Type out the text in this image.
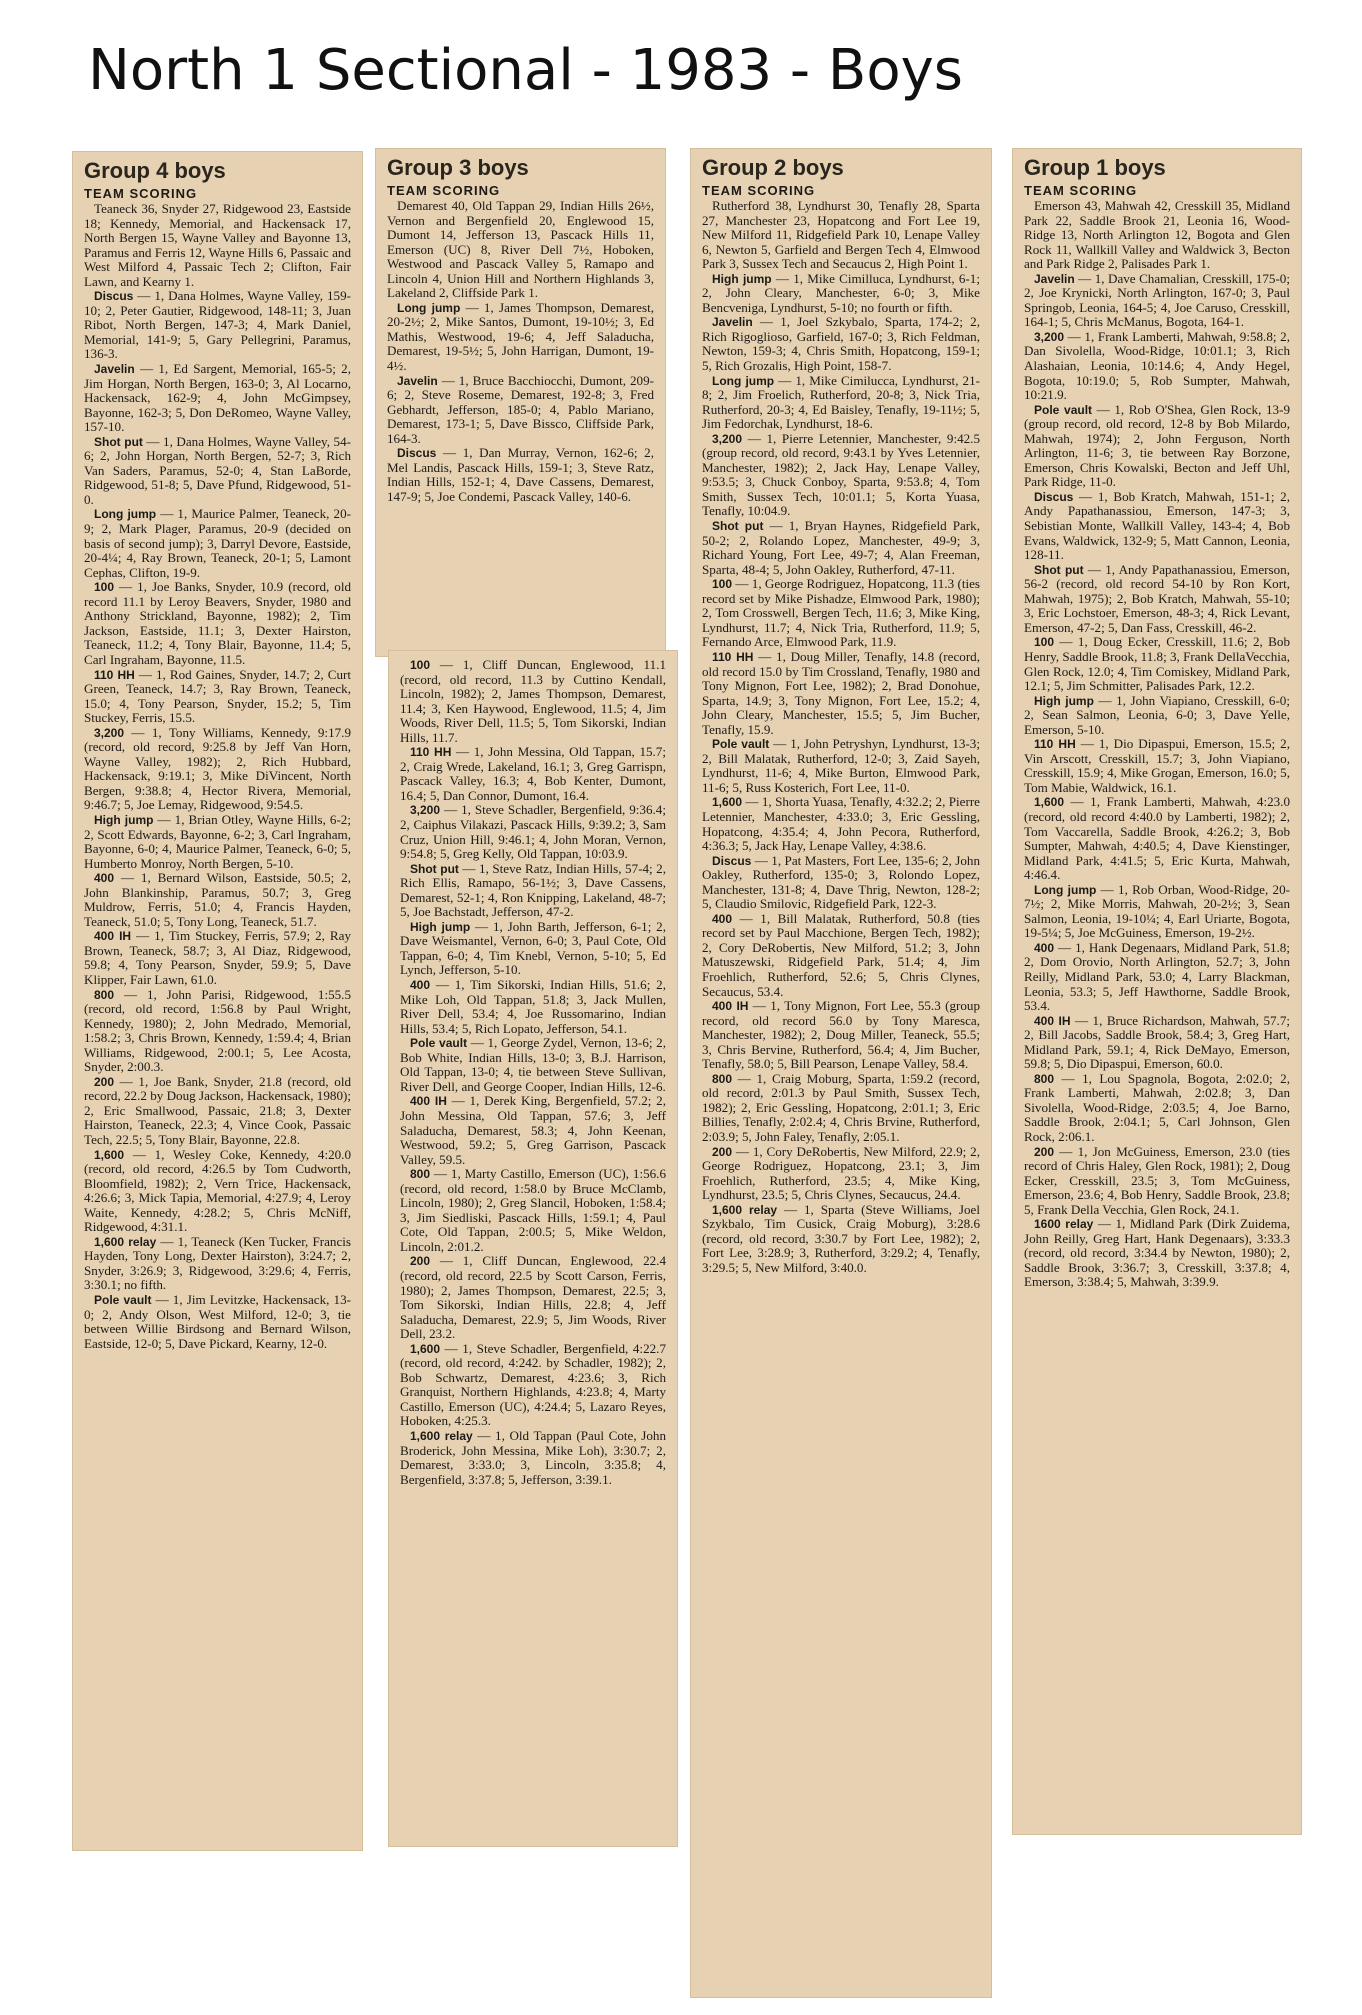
North 1 Sectional - 1983 - Boys
Group 4 boys
TEAM SCORING

Teaneck 36, Snyder 27, Ridgewood 23, Eastside 18; Kennedy, Memorial, and Hackensack 17, North Bergen 15, Wayne Valley and Bayonne 13, Paramus and Ferris 12, Wayne Hills 6, Passaic and West Milford 4, Passaic Tech 2; Clifton, Fair Lawn, and Kearny 1.

Discus — 1, Dana Holmes, Wayne Valley, 159-10; 2, Peter Gautier, Ridgewood, 148-11; 3, Juan Ribot, North Bergen, 147-3; 4, Mark Daniel, Memorial, 141-9; 5, Gary Pellegrini, Paramus, 136-3.

Javelin — 1, Ed Sargent, Memorial, 165-5; 2, Jim Horgan, North Bergen, 163-0; 3, Al Locarno, Hackensack, 162-9; 4, John McGimpsey, Bayonne, 162-3; 5, Don DeRomeo, Wayne Valley, 157-10.

Shot put — 1, Dana Holmes, Wayne Valley, 54-6; 2, John Horgan, North Bergen, 52-7; 3, Rich Van Saders, Paramus, 52-0; 4, Stan LaBorde, Ridgewood, 51-8; 5, Dave Pfund, Ridgewood, 51-0.

Long jump — 1, Maurice Palmer, Teaneck, 20-9; 2, Mark Plager, Paramus, 20-9 (decided on basis of second jump); 3, Darryl Devore, Eastside, 20-4¼; 4, Ray Brown, Teaneck, 20-1; 5, Lamont Cephas, Clifton, 19-9.

100 — 1, Joe Banks, Snyder, 10.9 (record, old record 11.1 by Leroy Beavers, Snyder, 1980 and Anthony Strickland, Bayonne, 1982); 2, Tim Jackson, Eastside, 11.1; 3, Dexter Hairston, Teaneck, 11.2; 4, Tony Blair, Bayonne, 11.4; 5, Carl Ingraham, Bayonne, 11.5.

110 HH — 1, Rod Gaines, Snyder, 14.7; 2, Curt Green, Teaneck, 14.7; 3, Ray Brown, Teaneck, 15.0; 4, Tony Pearson, Snyder, 15.2; 5, Tim Stuckey, Ferris, 15.5.

3,200 — 1, Tony Williams, Kennedy, 9:17.9 (record, old record, 9:25.8 by Jeff Van Horn, Wayne Valley, 1982); 2, Rich Hubbard, Hackensack, 9:19.1; 3, Mike DiVincent, North Bergen, 9:38.8; 4, Hector Rivera, Memorial, 9:46.7; 5, Joe Lemay, Ridgewood, 9:54.5.

High jump — 1, Brian Otley, Wayne Hills, 6-2; 2, Scott Edwards, Bayonne, 6-2; 3, Carl Ingraham, Bayonne, 6-0; 4, Maurice Palmer, Teaneck, 6-0; 5, Humberto Monroy, North Bergen, 5-10.

400 — 1, Bernard Wilson, Eastside, 50.5; 2, John Blankinship, Paramus, 50.7; 3, Greg Muldrow, Ferris, 51.0; 4, Francis Hayden, Teaneck, 51.0; 5, Tony Long, Teaneck, 51.7.

400 IH — 1, Tim Stuckey, Ferris, 57.9; 2, Ray Brown, Teaneck, 58.7; 3, Al Diaz, Ridgewood, 59.8; 4, Tony Pearson, Snyder, 59.9; 5, Dave Klipper, Fair Lawn, 61.0.

800 — 1, John Parisi, Ridgewood, 1:55.5 (record, old record, 1:56.8 by Paul Wright, Kennedy, 1980); 2, John Medrado, Memorial, 1:58.2; 3, Chris Brown, Kennedy, 1:59.4; 4, Brian Williams, Ridgewood, 2:00.1; 5, Lee Acosta, Snyder, 2:00.3.

200 — 1, Joe Bank, Snyder, 21.8 (record, old record, 22.2 by Doug Jackson, Hackensack, 1980); 2, Eric Smallwood, Passaic, 21.8; 3, Dexter Hairston, Teaneck, 22.3; 4, Vince Cook, Passaic Tech, 22.5; 5, Tony Blair, Bayonne, 22.8.

1,600 — 1, Wesley Coke, Kennedy, 4:20.0 (record, old record, 4:26.5 by Tom Cudworth, Bloomfield, 1982); 2, Vern Trice, Hackensack, 4:26.6; 3, Mick Tapia, Memorial, 4:27.9; 4, Leroy Waite, Kennedy, 4:28.2; 5, Chris McNiff, Ridgewood, 4:31.1.

1,600 relay — 1, Teaneck (Ken Tucker, Francis Hayden, Tony Long, Dexter Hairston), 3:24.7; 2, Snyder, 3:26.9; 3, Ridgewood, 3:29.6; 4, Ferris, 3:30.1; no fifth.

Pole vault — 1, Jim Levitzke, Hackensack, 13-0; 2, Andy Olson, West Milford, 12-0; 3, tie between Willie Birdsong and Bernard Wilson, Eastside, 12-0; 5, Dave Pickard, Kearny, 12-0.

Group 3 boys
TEAM SCORING

Demarest 40, Old Tappan 29, Indian Hills 26½, Vernon and Bergenfield 20, Englewood 15, Dumont 14, Jefferson 13, Pascack Hills 11, Emerson (UC) 8, River Dell 7½, Hoboken, Westwood and Pascack Valley 5, Ramapo and Lincoln 4, Union Hill and Northern Highlands 3, Lakeland 2, Cliffside Park 1.

Long jump — 1, James Thompson, Demarest, 20-2½; 2, Mike Santos, Dumont, 19-10½; 3, Ed Mathis, Westwood, 19-6; 4, Jeff Saladucha, Demarest, 19-5½; 5, John Harrigan, Dumont, 19-4½.

Javelin — 1, Bruce Bacchiocchi, Dumont, 209-6; 2, Steve Roseme, Demarest, 192-8; 3, Fred Gebhardt, Jefferson, 185-0; 4, Pablo Mariano, Demarest, 173-1; 5, Dave Bissco, Cliffside Park, 164-3.

Discus — 1, Dan Murray, Vernon, 162-6; 2, Mel Landis, Pascack Hills, 159-1; 3, Steve Ratz, Indian Hills, 152-1; 4, Dave Cassens, Demarest, 147-9; 5, Joe Condemi, Pascack Valley, 140-6.

100 — 1, Cliff Duncan, Englewood, 11.1 (record, old record, 11.3 by Cuttino Kendall, Lincoln, 1982); 2, James Thompson, Demarest, 11.4; 3, Ken Haywood, Englewood, 11.5; 4, Jim Woods, River Dell, 11.5; 5, Tom Sikorski, Indian Hills, 11.7.

110 HH — 1, John Messina, Old Tappan, 15.7; 2, Craig Wrede, Lakeland, 16.1; 3, Greg Garrispn, Pascack Valley, 16.3; 4, Bob Kenter, Dumont, 16.4; 5, Dan Connor, Dumont, 16.4.

3,200 — 1, Steve Schadler, Bergenfield, 9:36.4; 2, Caiphus Vilakazi, Pascack Hills, 9:39.2; 3, Sam Cruz, Union Hill, 9:46.1; 4, John Moran, Vernon, 9:54.8; 5, Greg Kelly, Old Tappan, 10:03.9.

Shot put — 1, Steve Ratz, Indian Hills, 57-4; 2, Rich Ellis, Ramapo, 56-1½; 3, Dave Cassens, Demarest, 52-1; 4, Ron Knipping, Lakeland, 48-7; 5, Joe Bachstadt, Jefferson, 47-2.

High jump — 1, John Barth, Jefferson, 6-1; 2, Dave Weismantel, Vernon, 6-0; 3, Paul Cote, Old Tappan, 6-0; 4, Tim Knebl, Vernon, 5-10; 5, Ed Lynch, Jefferson, 5-10.

400 — 1, Tim Sikorski, Indian Hills, 51.6; 2, Mike Loh, Old Tappan, 51.8; 3, Jack Mullen, River Dell, 53.4; 4, Joe Russomarino, Indian Hills, 53.4; 5, Rich Lopato, Jefferson, 54.1.

Pole vault — 1, George Zydel, Vernon, 13-6; 2, Bob White, Indian Hills, 13-0; 3, B.J. Harrison, Old Tappan, 13-0; 4, tie between Steve Sullivan, River Dell, and George Cooper, Indian Hills, 12-6.

400 IH — 1, Derek King, Bergenfield, 57.2; 2, John Messina, Old Tappan, 57.6; 3, Jeff Saladucha, Demarest, 58.3; 4, John Keenan, Westwood, 59.2; 5, Greg Garrison, Pascack Valley, 59.5.

800 — 1, Marty Castillo, Emerson (UC), 1:56.6 (record, old record, 1:58.0 by Bruce McClamb, Lincoln, 1980); 2, Greg Slancil, Hoboken, 1:58.4; 3, Jim Siedliski, Pascack Hills, 1:59.1; 4, Paul Cote, Old Tappan, 2:00.5; 5, Mike Weldon, Lincoln, 2:01.2.

200 — 1, Cliff Duncan, Englewood, 22.4 (record, old record, 22.5 by Scott Carson, Ferris, 1980); 2, James Thompson, Demarest, 22.5; 3, Tom Sikorski, Indian Hills, 22.8; 4, Jeff Saladucha, Demarest, 22.9; 5, Jim Woods, River Dell, 23.2.

1,600 — 1, Steve Schadler, Bergenfield, 4:22.7 (record, old record, 4:242. by Schadler, 1982); 2, Bob Schwartz, Demarest, 4:23.6; 3, Rich Granquist, Northern Highlands, 4:23.8; 4, Marty Castillo, Emerson (UC), 4:24.4; 5, Lazaro Reyes, Hoboken, 4:25.3.

1,600 relay — 1, Old Tappan (Paul Cote, John Broderick, John Messina, Mike Loh), 3:30.7; 2, Demarest, 3:33.0; 3, Lincoln, 3:35.8; 4, Bergenfield, 3:37.8; 5, Jefferson, 3:39.1.

Group 2 boys
TEAM SCORING

Rutherford 38, Lyndhurst 30, Tenafly 28, Sparta 27, Manchester 23, Hopatcong and Fort Lee 19, New Milford 11, Ridgefield Park 10, Lenape Valley 6, Newton 5, Garfield and Bergen Tech 4, Elmwood Park 3, Sussex Tech and Secaucus 2, High Point 1.

High jump — 1, Mike Cimilluca, Lyndhurst, 6-1; 2, John Cleary, Manchester, 6-0; 3, Mike Bencveniga, Lyndhurst, 5-10; no fourth or fifth.

Javelin — 1, Joel Szkybalo, Sparta, 174-2; 2, Rich Rigoglioso, Garfield, 167-0; 3, Rich Feldman, Newton, 159-3; 4, Chris Smith, Hopatcong, 159-1; 5, Rich Grozalis, High Point, 158-7.

Long jump — 1, Mike Cimilucca, Lyndhurst, 21-8; 2, Jim Froelich, Rutherford, 20-8; 3, Nick Tria, Rutherford, 20-3; 4, Ed Baisley, Tenafly, 19-11½; 5, Jim Fedorchak, Lyndhurst, 18-6.

3,200 — 1, Pierre Letennier, Manchester, 9:42.5 (group record, old record, 9:43.1 by Yves Letennier, Manchester, 1982); 2, Jack Hay, Lenape Valley, 9:53.5; 3, Chuck Conboy, Sparta, 9:53.8; 4, Tom Smith, Sussex Tech, 10:01.1; 5, Korta Yuasa, Tenafly, 10:04.9.

Shot put — 1, Bryan Haynes, Ridgefield Park, 50-2; 2, Rolando Lopez, Manchester, 49-9; 3, Richard Young, Fort Lee, 49-7; 4, Alan Freeman, Sparta, 48-4; 5, John Oakley, Rutherford, 47-11.

100 — 1, George Rodriguez, Hopatcong, 11.3 (ties record set by Mike Pishadze, Elmwood Park, 1980); 2, Tom Crosswell, Bergen Tech, 11.6; 3, Mike King, Lyndhurst, 11.7; 4, Nick Tria, Rutherford, 11.9; 5, Fernando Arce, Elmwood Park, 11.9.

110 HH — 1, Doug Miller, Tenafly, 14.8 (record, old record 15.0 by Tim Crossland, Tenafly, 1980 and Tony Mignon, Fort Lee, 1982); 2, Brad Donohue, Sparta, 14.9; 3, Tony Mignon, Fort Lee, 15.2; 4, John Cleary, Manchester, 15.5; 5, Jim Bucher, Tenafly, 15.9.

Pole vault — 1, John Petryshyn, Lyndhurst, 13-3; 2, Bill Malatak, Rutherford, 12-0; 3, Zaid Sayeh, Lyndhurst, 11-6; 4, Mike Burton, Elmwood Park, 11-6; 5, Russ Kosterich, Fort Lee, 11-0.

1,600 — 1, Shorta Yuasa, Tenafly, 4:32.2; 2, Pierre Letennier, Manchester, 4:33.0; 3, Eric Gessling, Hopatcong, 4:35.4; 4, John Pecora, Rutherford, 4:36.3; 5, Jack Hay, Lenape Valley, 4:38.6.

Discus — 1, Pat Masters, Fort Lee, 135-6; 2, John Oakley, Rutherford, 135-0; 3, Rolondo Lopez, Manchester, 131-8; 4, Dave Thrig, Newton, 128-2; 5, Claudio Smilovic, Ridgefield Park, 122-3.

400 — 1, Bill Malatak, Rutherford, 50.8 (ties record set by Paul Macchione, Bergen Tech, 1982); 2, Cory DeRobertis, New Milford, 51.2; 3, John Matuszewski, Ridgefield Park, 51.4; 4, Jim Froehlich, Rutherford, 52.6; 5, Chris Clynes, Secaucus, 53.4.

400 IH — 1, Tony Mignon, Fort Lee, 55.3 (group record, old record 56.0 by Tony Maresca, Manchester, 1982); 2, Doug Miller, Teaneck, 55.5; 3, Chris Bervine, Rutherford, 56.4; 4, Jim Bucher, Tenafly, 58.0; 5, Bill Pearson, Lenape Valley, 58.4.

800 — 1, Craig Moburg, Sparta, 1:59.2 (record, old record, 2:01.3 by Paul Smith, Sussex Tech, 1982); 2, Eric Gessling, Hopatcong, 2:01.1; 3, Eric Billies, Tenafly, 2:02.4; 4, Chris Brvine, Rutherford, 2:03.9; 5, John Faley, Tenafly, 2:05.1.

200 — 1, Cory DeRobertis, New Milford, 22.9; 2, George Rodriguez, Hopatcong, 23.1; 3, Jim Froehlich, Rutherford, 23.5; 4, Mike King, Lyndhurst, 23.5; 5, Chris Clynes, Secaucus, 24.4.

1,600 relay — 1, Sparta (Steve Williams, Joel Szykbalo, Tim Cusick, Craig Moburg), 3:28.6 (record, old record, 3:30.7 by Fort Lee, 1982); 2, Fort Lee, 3:28.9; 3, Rutherford, 3:29.2; 4, Tenafly, 3:29.5; 5, New Milford, 3:40.0.

Group 1 boys
TEAM SCORING

Emerson 43, Mahwah 42, Cresskill 35, Midland Park 22, Saddle Brook 21, Leonia 16, Wood-Ridge 13, North Arlington 12, Bogota and Glen Rock 11, Wallkill Valley and Waldwick 3, Becton and Park Ridge 2, Palisades Park 1.

Javelin — 1, Dave Chamalian, Cresskill, 175-0; 2, Joe Krynicki, North Arlington, 167-0; 3, Paul Springob, Leonia, 164-5; 4, Joe Caruso, Cresskill, 164-1; 5, Chris McManus, Bogota, 164-1.

3,200 — 1, Frank Lamberti, Mahwah, 9:58.8; 2, Dan Sivolella, Wood-Ridge, 10:01.1; 3, Rich Alashaian, Leonia, 10:14.6; 4, Andy Hegel, Bogota, 10:19.0; 5, Rob Sumpter, Mahwah, 10:21.9.

Pole vault — 1, Rob O'Shea, Glen Rock, 13-9 (group record, old record, 12-8 by Bob Milardo, Mahwah, 1974); 2, John Ferguson, North Arlington, 11-6; 3, tie between Ray Borzone, Emerson, Chris Kowalski, Becton and Jeff Uhl, Park Ridge, 11-0.

Discus — 1, Bob Kratch, Mahwah, 151-1; 2, Andy Papathanassiou, Emerson, 147-3; 3, Sebistian Monte, Wallkill Valley, 143-4; 4, Bob Evans, Waldwick, 132-9; 5, Matt Cannon, Leonia, 128-11.

Shot put — 1, Andy Papathanassiou, Emerson, 56-2 (record, old record 54-10 by Ron Kort, Mahwah, 1975); 2, Bob Kratch, Mahwah, 55-10; 3, Eric Lochstoer, Emerson, 48-3; 4, Rick Levant, Emerson, 47-2; 5, Dan Fass, Cresskill, 46-2.

100 — 1, Doug Ecker, Cresskill, 11.6; 2, Bob Henry, Saddle Brook, 11.8; 3, Frank DellaVecchia, Glen Rock, 12.0; 4, Tim Comiskey, Midland Park, 12.1; 5, Jim Schmitter, Palisades Park, 12.2.

High jump — 1, John Viapiano, Cresskill, 6-0; 2, Sean Salmon, Leonia, 6-0; 3, Dave Yelle, Emerson, 5-10.

110 HH — 1, Dio Dipaspui, Emerson, 15.5; 2, Vin Arscott, Cresskill, 15.7; 3, John Viapiano, Cresskill, 15.9; 4, Mike Grogan, Emerson, 16.0; 5, Tom Mabie, Waldwick, 16.1.

1,600 — 1, Frank Lamberti, Mahwah, 4:23.0 (record, old record 4:40.0 by Lamberti, 1982); 2, Tom Vaccarella, Saddle Brook, 4:26.2; 3, Bob Sumpter, Mahwah, 4:40.5; 4, Dave Kienstinger, Midland Park, 4:41.5; 5, Eric Kurta, Mahwah, 4:46.4.

Long jump — 1, Rob Orban, Wood-Ridge, 20-7½; 2, Mike Morris, Mahwah, 20-2½; 3, Sean Salmon, Leonia, 19-10¼; 4, Earl Uriarte, Bogota, 19-5¼; 5, Joe McGuiness, Emerson, 19-2½.

400 — 1, Hank Degenaars, Midland Park, 51.8; 2, Dom Orovio, North Arlington, 52.7; 3, John Reilly, Midland Park, 53.0; 4, Larry Blackman, Leonia, 53.3; 5, Jeff Hawthorne, Saddle Brook, 53.4.

400 IH — 1, Bruce Richardson, Mahwah, 57.7; 2, Bill Jacobs, Saddle Brook, 58.4; 3, Greg Hart, Midland Park, 59.1; 4, Rick DeMayo, Emerson, 59.8; 5, Dio Dipaspui, Emerson, 60.0.

800 — 1, Lou Spagnola, Bogota, 2:02.0; 2, Frank Lamberti, Mahwah, 2:02.8; 3, Dan Sivolella, Wood-Ridge, 2:03.5; 4, Joe Barno, Saddle Brook, 2:04.1; 5, Carl Johnson, Glen Rock, 2:06.1.

200 — 1, Jon McGuiness, Emerson, 23.0 (ties record of Chris Haley, Glen Rock, 1981); 2, Doug Ecker, Cresskill, 23.5; 3, Tom McGuiness, Emerson, 23.6; 4, Bob Henry, Saddle Brook, 23.8; 5, Frank Della Vecchia, Glen Rock, 24.1.

1600 relay — 1, Midland Park (Dirk Zuidema, John Reilly, Greg Hart, Hank Degenaars), 3:33.3 (record, old record, 3:34.4 by Newton, 1980); 2, Saddle Brook, 3:36.7; 3, Cresskill, 3:37.8; 4, Emerson, 3:38.4; 5, Mahwah, 3:39.9.
